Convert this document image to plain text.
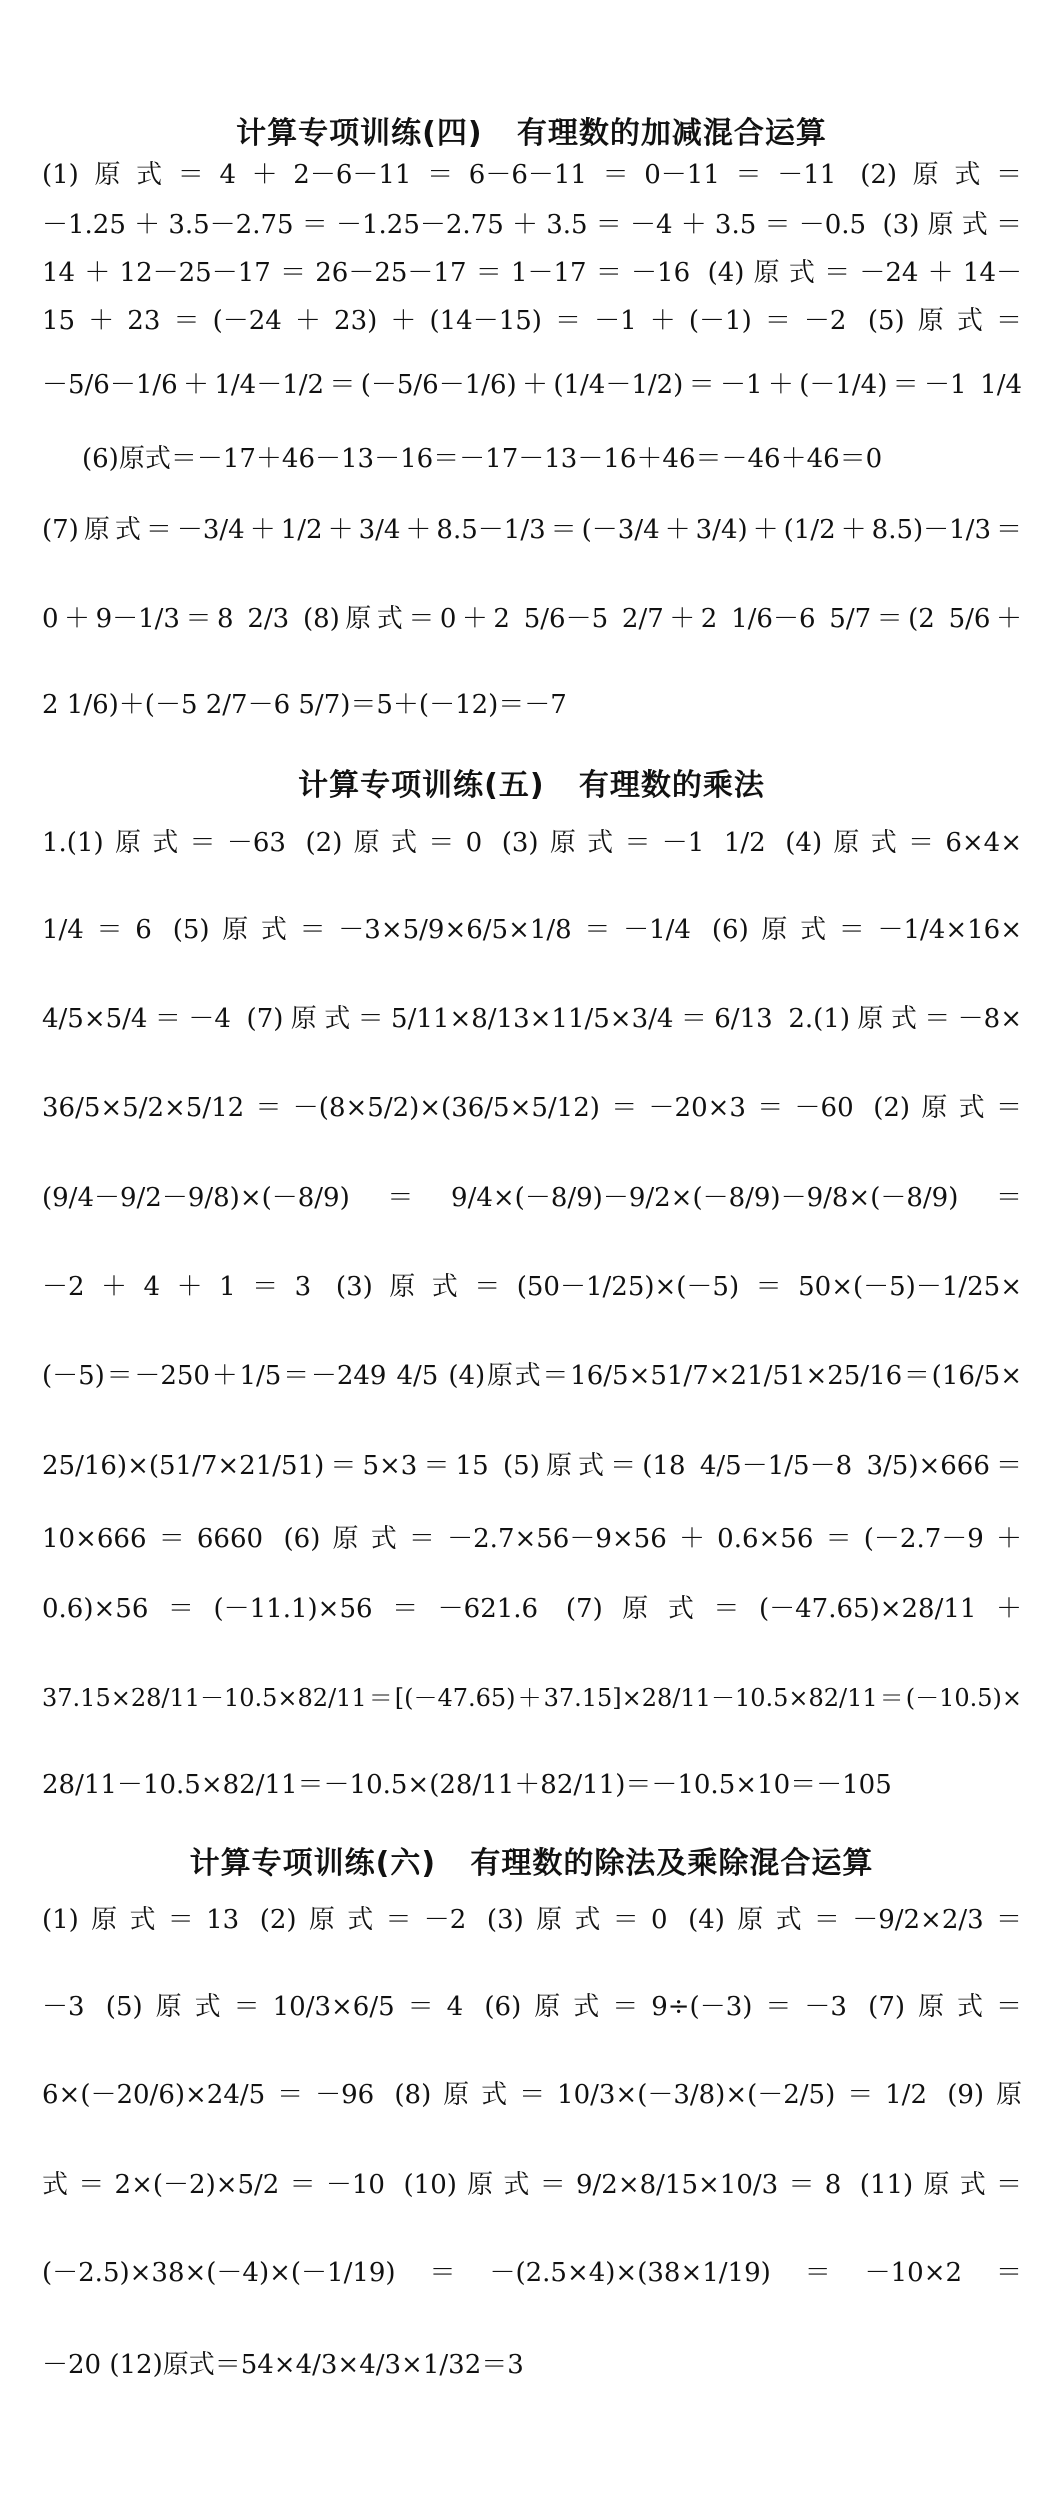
计算专项训练(四)   有理数的加减混合运算
(1)原式＝4＋2－6－11＝6－6－11＝0－11＝－11 (2)原式＝
－1.25＋3.5－2.75＝－1.25－2.75＋3.5＝－4＋3.5＝－0.5 (3)原式＝
14＋12－25－17＝26－25－17＝1－17＝－16 (4)原式＝－24＋14－
15＋23＝(－24＋23)＋(14－15)＝－1＋(－1)＝－2 (5)原式＝
－5/6－1/6＋1/4－1/2＝(－5/6－1/6)＋(1/4－1/2)＝－1＋(－1/4)＝－1 1/4
(6)原式＝－17＋46－13－16＝－17－13－16＋46＝－46＋46＝0
(7)原式＝－3/4＋1/2＋3/4＋8.5－1/3＝(－3/4＋3/4)＋(1/2＋8.5)－1/3＝
0＋9－1/3＝8 2/3 (8)原式＝0＋2 5/6－5 2/7＋2 1/6－6 5/7＝(2 5/6＋
2 1/6)＋(－5 2/7－6 5/7)＝5＋(－12)＝－7
计算专项训练(五)   有理数的乘法
1.(1)原式＝－63 (2)原式＝0 (3)原式＝－1 1/2 (4)原式＝6×4×
1/4＝6 (5)原式＝－3×5/9×6/5×1/8＝－1/4 (6)原式＝－1/4×16×
4/5×5/4＝－4 (7)原式＝5/11×8/13×11/5×3/4＝6/13 2.(1)原式＝－8×
36/5×5/2×5/12＝－(8×5/2)×(36/5×5/12)＝－20×3＝－60 (2)原式＝
(9/4－9/2－9/8)×(－8/9)＝9/4×(－8/9)－9/2×(－8/9)－9/8×(－8/9)＝
－2＋4＋1＝3 (3)原式＝(50－1/25)×(－5)＝50×(－5)－1/25×
(－5)＝－250＋1/5＝－249 4/5 (4)原式＝16/5×51/7×21/51×25/16＝(16/5×
25/16)×(51/7×21/51)＝5×3＝15 (5)原式＝(18 4/5－1/5－8 3/5)×666＝
10×666＝6660 (6)原式＝－2.7×56－9×56＋0.6×56＝(－2.7－9＋
0.6)×56＝(－11.1)×56＝－621.6 (7)原式＝(－47.65)×28/11＋
37.15×28/11－10.5×82/11＝[(－47.65)＋37.15]×28/11－10.5×82/11＝(－10.5)×
28/11－10.5×82/11＝－10.5×(28/11＋82/11)＝－10.5×10＝－105
计算专项训练(六)   有理数的除法及乘除混合运算
(1)原式＝13 (2)原式＝－2 (3)原式＝0 (4)原式＝－9/2×2/3＝
－3 (5)原式＝10/3×6/5＝4 (6)原式＝9÷(－3)＝－3 (7)原式＝
6×(－20/6)×24/5＝－96 (8)原式＝10/3×(－3/8)×(－2/5)＝1/2 (9)原
式＝2×(－2)×5/2＝－10 (10)原式＝9/2×8/15×10/3＝8 (11)原式＝
(－2.5)×38×(－4)×(－1/19)＝－(2.5×4)×(38×1/19)＝－10×2＝
－20 (12)原式＝54×4/3×4/3×1/32＝3
